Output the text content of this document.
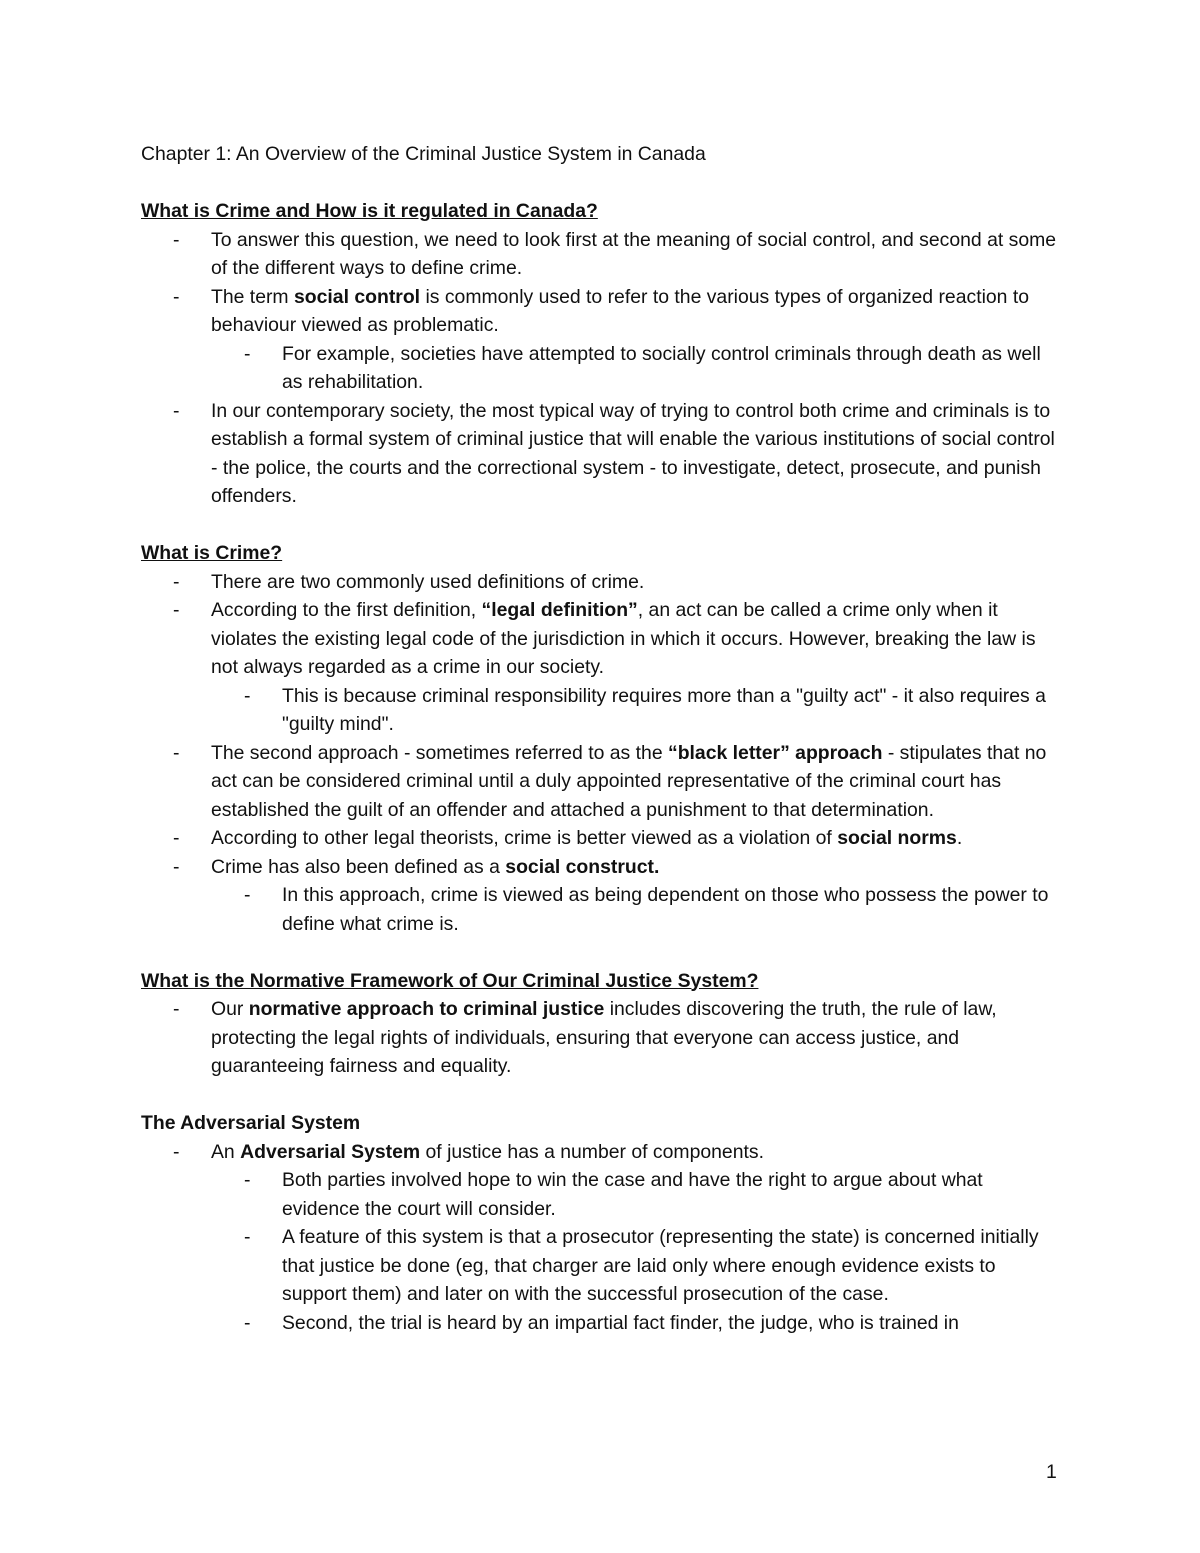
Chapter 1: An Overview of the Criminal Justice System in Canada

What is Crime and How is it regulated in Canada?

- To answer this question, we need to look first at the meaning of social control, and second at some of the different ways to define crime.
- The term social control is commonly used to refer to the various types of organized reaction to behaviour viewed as problematic.
- For example, societies have attempted to socially control criminals through death as well as rehabilitation.
- In our contemporary society, the most typical way of trying to control both crime and criminals is to establish a formal system of criminal justice that will enable the various institutions of social control - the police, the courts and the correctional system - to investigate, detect, prosecute, and punish offenders.

What is Crime?

- There are two commonly used definitions of crime.
- According to the first definition, “legal definition”, an act can be called a crime only when it violates the existing legal code of the jurisdiction in which it occurs. However, breaking the law is not always regarded as a crime in our society.
- This is because criminal responsibility requires more than a "guilty act" - it also requires a "guilty mind".
- The second approach - sometimes referred to as the “black letter” approach - stipulates that no act can be considered criminal until a duly appointed representative of the criminal court has established the guilt of an offender and attached a punishment to that determination.
- According to other legal theorists, crime is better viewed as a violation of social norms.
- Crime has also been defined as a social construct.
- In this approach, crime is viewed as being dependent on those who possess the power to define what crime is.

What is the Normative Framework of Our Criminal Justice System?

- Our normative approach to criminal justice includes discovering the truth, the rule of law, protecting the legal rights of individuals, ensuring that everyone can access justice, and guaranteeing fairness and equality.

The Adversarial System

- An Adversarial System of justice has a number of components.
- Both parties involved hope to win the case and have the right to argue about what evidence the court will consider.
- A feature of this system is that a prosecutor (representing the state) is concerned initially that justice be done (eg, that charger are laid only where enough evidence exists to support them) and later on with the successful prosecution of the case.
- Second, the trial is heard by an impartial fact finder, the judge, who is trained in
1
